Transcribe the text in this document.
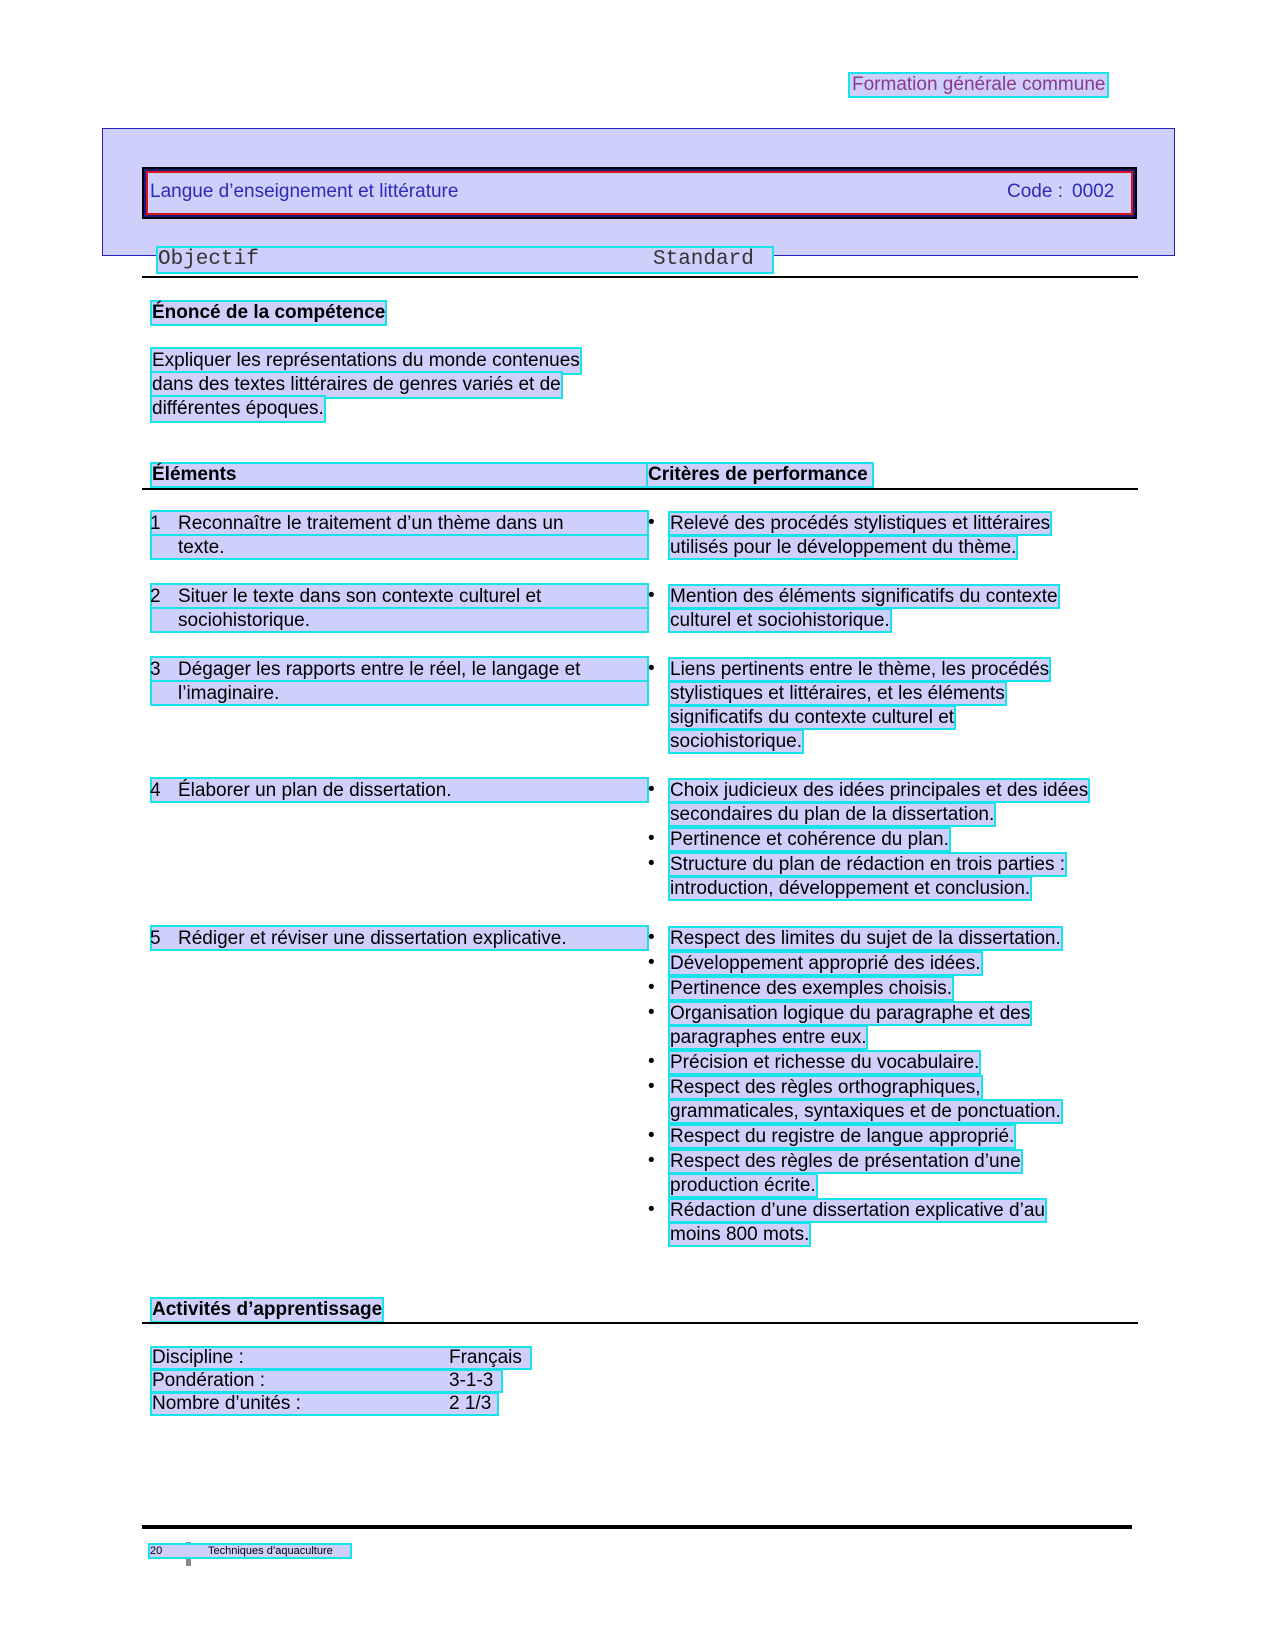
Formation générale commune
Langue d’enseignement et littérature	Code : 0002
Objectif	Standard
Énoncé de la compétence
Expliquer les représentations du monde contenues
dans des textes littéraires de genres variés et de
différentes époques.
Éléments	Critères de performance
1 Reconnaître le traitement d’un thème dans un
texte.
• Relevé des procédés stylistiques et littéraires
utilisés pour le développement du thème.
2 Situer le texte dans son contexte culturel et
sociohistorique.
• Mention des éléments significatifs du contexte
culturel et sociohistorique.
3 Dégager les rapports entre le réel, le langage et
l’imaginaire.
• Liens pertinents entre le thème, les procédés
stylistiques et littéraires, et les éléments
significatifs du contexte culturel et
sociohistorique.
4 Élaborer un plan de dissertation.	• Choix judicieux des idées principales et des idées
secondaires du plan de la dissertation.
• Pertinence et cohérence du plan.
• Structure du plan de rédaction en trois parties :
introduction, développement et conclusion.
5 Rédiger et réviser une dissertation explicative.	• Respect des limites du sujet de la dissertation.
• Développement approprié des idées.
• Pertinence des exemples choisis.
• Organisation logique du paragraphe et des
paragraphes entre eux.
• Précision et richesse du vocabulaire.
• Respect des règles orthographiques,
grammaticales, syntaxiques et de ponctuation.
• Respect du registre de langue approprié.
• Respect des règles de présentation d’une
production écrite.
• Rédaction d’une dissertation explicative d’au
moins 800 mots.
Activités d’apprentissage
Discipline :	Français
Pondération :	3-1-3
Nombre d’unités :	2 1/3
20	Techniques d’aquaculture
